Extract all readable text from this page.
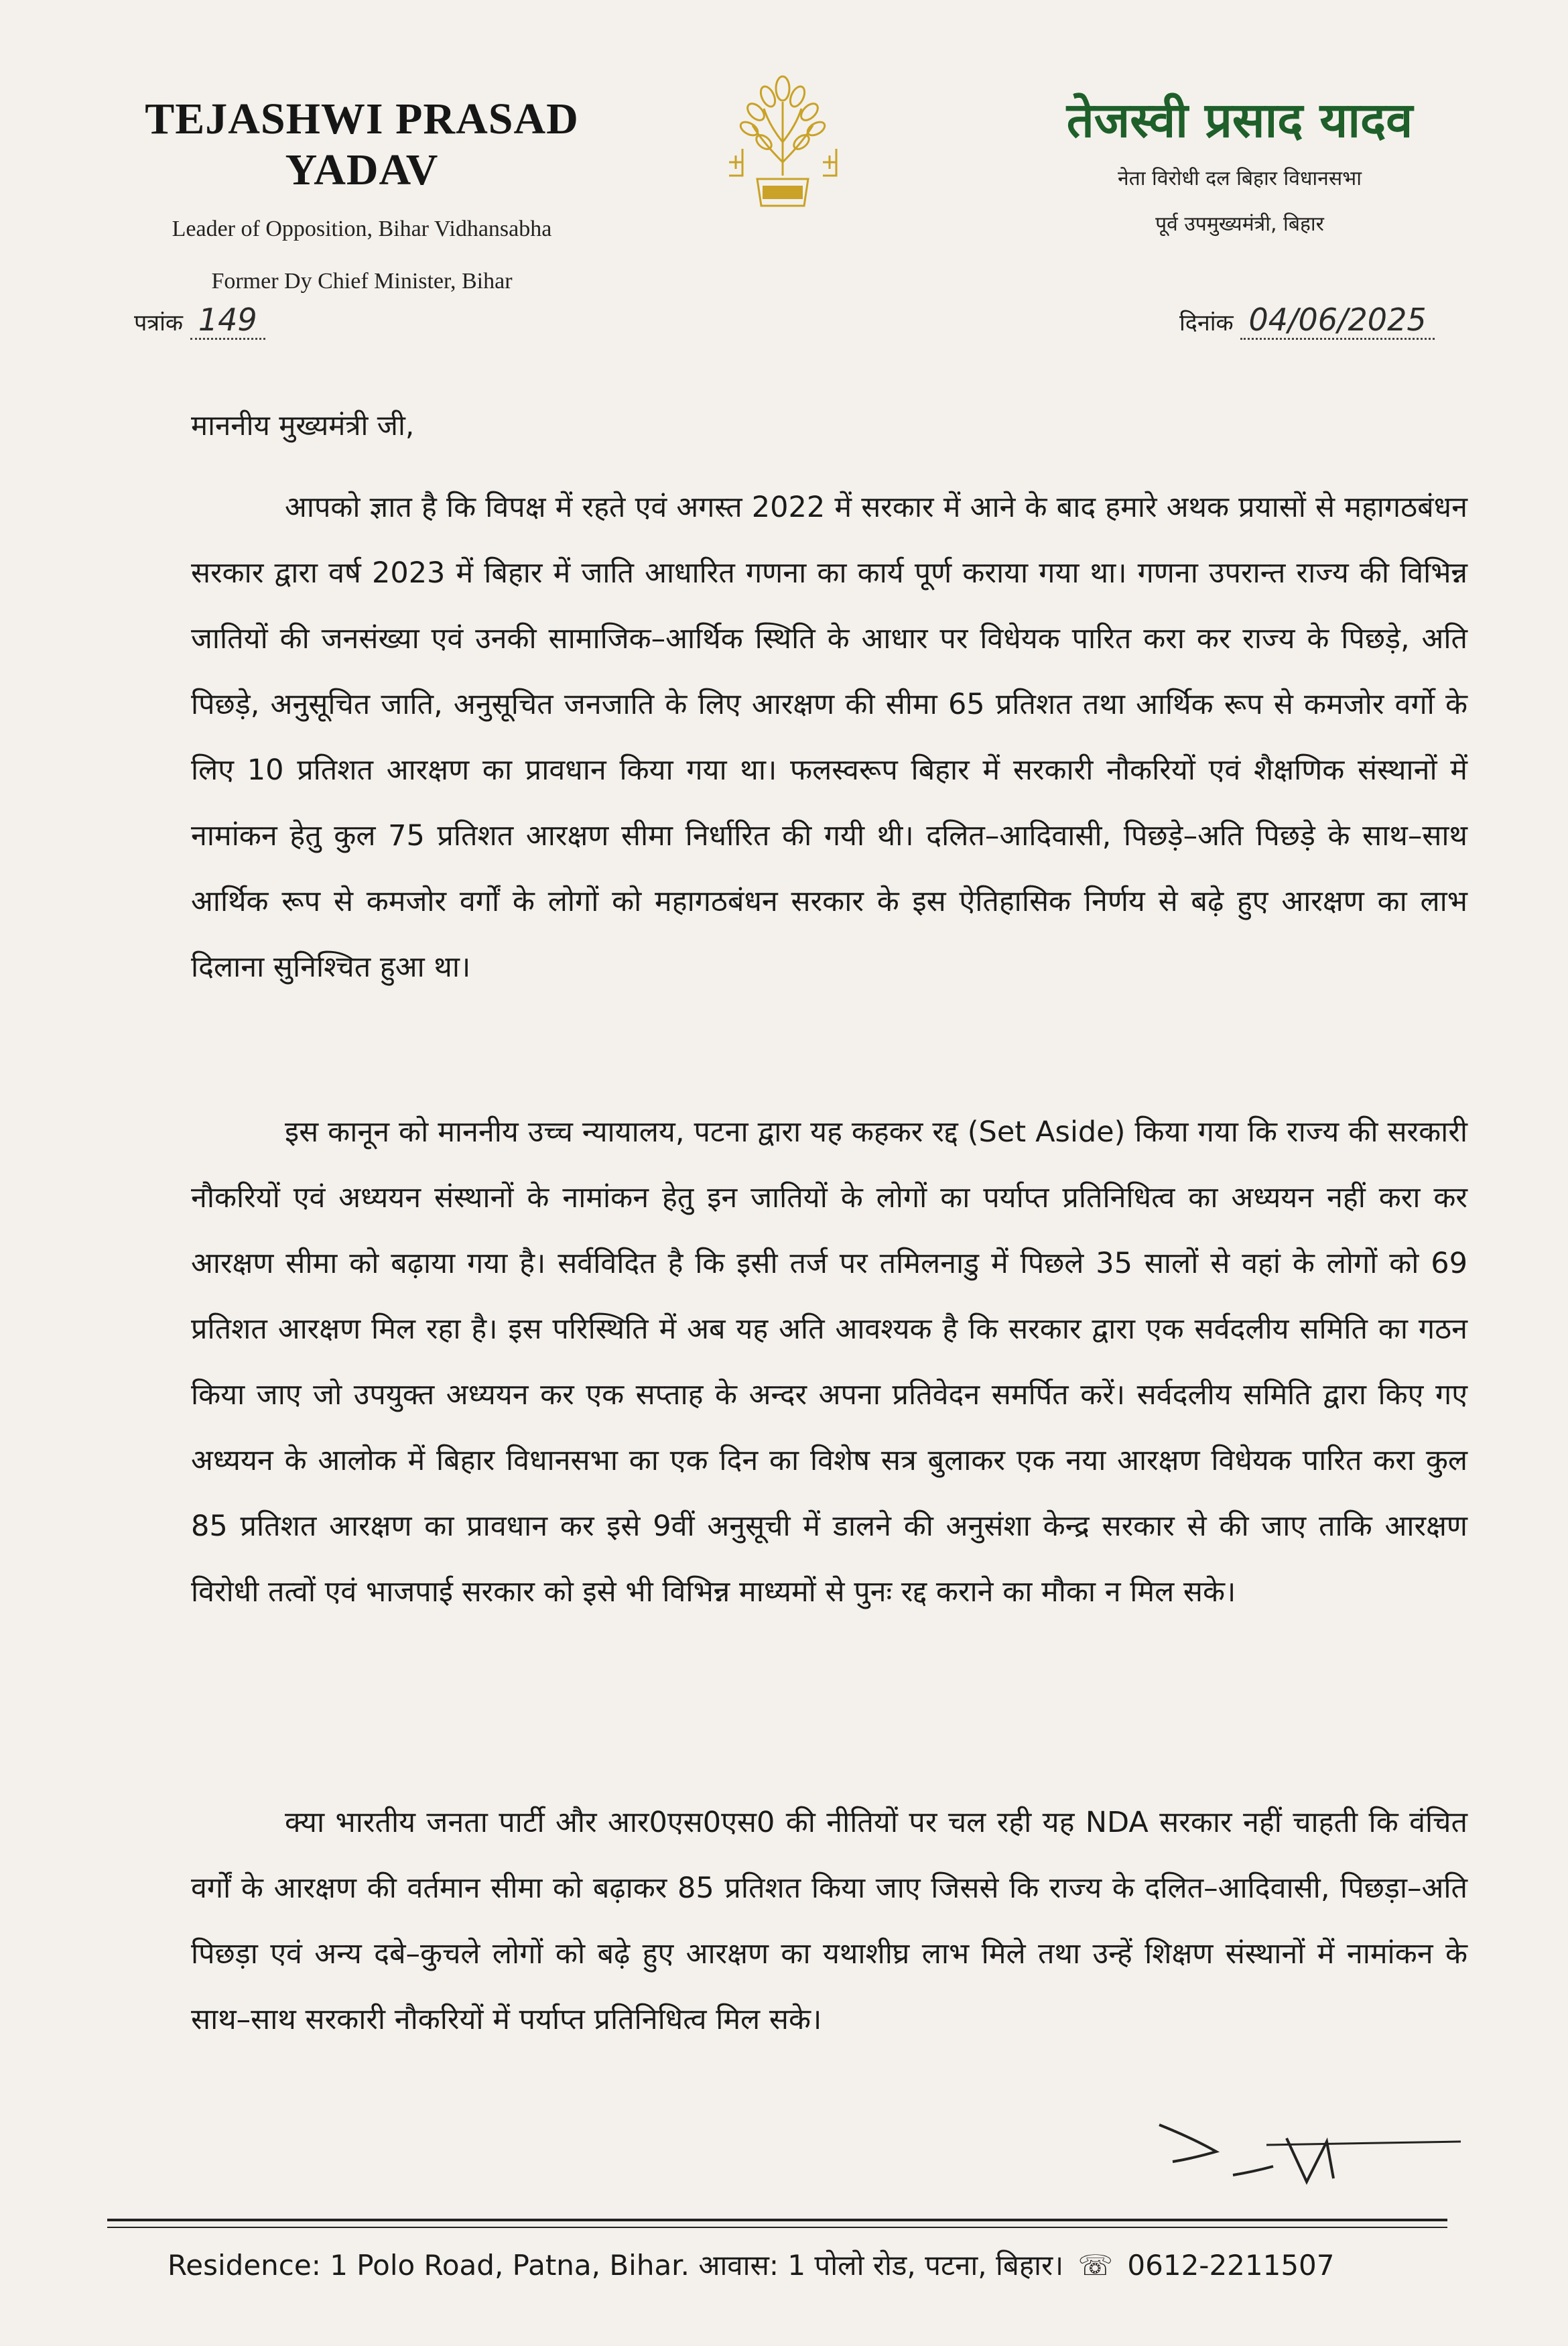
TEJASHWI PRASAD YADAV
Leader of Opposition, Bihar Vidhansabha
Former Dy Chief Minister, Bihar
तेजस्वी प्रसाद यादव
नेता विरोधी दल बिहार विधानसभा
पूर्व उपमुख्यमंत्री, बिहार
पत्रांक 149	दिनांक 04/06/2025
माननीय मुख्यमंत्री जी,
आपको ज्ञात है कि विपक्ष में रहते एवं अगस्त 2022 में सरकार में आने के बाद हमारे अथक प्रयासों से महागठबंधन सरकार द्वारा वर्ष 2023 में बिहार में जाति आधारित गणना का कार्य पूर्ण कराया गया था। गणना उपरान्त राज्य की विभिन्न जातियों की जनसंख्या एवं उनकी सामाजिक–आर्थिक स्थिति के आधार पर विधेयक पारित करा कर राज्य के पिछड़े, अति पिछड़े, अनुसूचित जाति, अनुसूचित जनजाति के लिए आरक्षण की सीमा 65 प्रतिशत तथा आर्थिक रूप से कमजोर वर्गो के लिए 10 प्रतिशत आरक्षण का प्रावधान किया गया था। फलस्वरूप बिहार में सरकारी नौकरियों एवं शैक्षणिक संस्थानों में नामांकन हेतु कुल 75 प्रतिशत आरक्षण सीमा निर्धारित की गयी थी। दलित–आदिवासी, पिछड़े–अति पिछड़े के साथ–साथ आर्थिक रूप से कमजोर वर्गों के लोगों को महागठबंधन सरकार के इस ऐतिहासिक निर्णय से बढ़े हुए आरक्षण का लाभ दिलाना सुनिश्चित हुआ था।
इस कानून को माननीय उच्च न्यायालय, पटना द्वारा यह कहकर रद्द (Set Aside) किया गया कि राज्य की सरकारी नौकरियों एवं अध्ययन संस्थानों के नामांकन हेतु इन जातियों के लोगों का पर्याप्त प्रतिनिधित्व का अध्ययन नहीं करा कर आरक्षण सीमा को बढ़ाया गया है। सर्वविदित है कि इसी तर्ज पर तमिलनाडु में पिछले 35 सालों से वहां के लोगों को 69 प्रतिशत आरक्षण मिल रहा है। इस परिस्थिति में अब यह अति आवश्यक है कि सरकार द्वारा एक सर्वदलीय समिति का गठन किया जाए जो उपयुक्त अध्ययन कर एक सप्ताह के अन्दर अपना प्रतिवेदन समर्पित करें। सर्वदलीय समिति द्वारा किए गए अध्ययन के आलोक में बिहार विधानसभा का एक दिन का विशेष सत्र बुलाकर एक नया आरक्षण विधेयक पारित करा कुल 85 प्रतिशत आरक्षण का प्रावधान कर इसे 9वीं अनुसूची में डालने की अनुसंशा केन्द्र सरकार से की जाए ताकि आरक्षण विरोधी तत्वों एवं भाजपाई सरकार को इसे भी विभिन्न माध्यमों से पुनः रद्द कराने का मौका न मिल सके।
क्या भारतीय जनता पार्टी और आर0एस0एस0 की नीतियों पर चल रही यह NDA सरकार नहीं चाहती कि वंचित वर्गों के आरक्षण की वर्तमान सीमा को बढ़ाकर 85 प्रतिशत किया जाए जिससे कि राज्य के दलित–आदिवासी, पिछड़ा–अति पिछड़ा एवं अन्य दबे–कुचले लोगों को बढ़े हुए आरक्षण का यथाशीघ्र लाभ मिले तथा उन्हें शिक्षण संस्थानों में नामांकन के साथ–साथ सरकारी नौकरियों में पर्याप्त प्रतिनिधित्व मिल सके।
Residence: 1 Polo Road, Patna, Bihar. आवास: 1 पोलो रोड, पटना, बिहार। ☏ 0612-2211507
